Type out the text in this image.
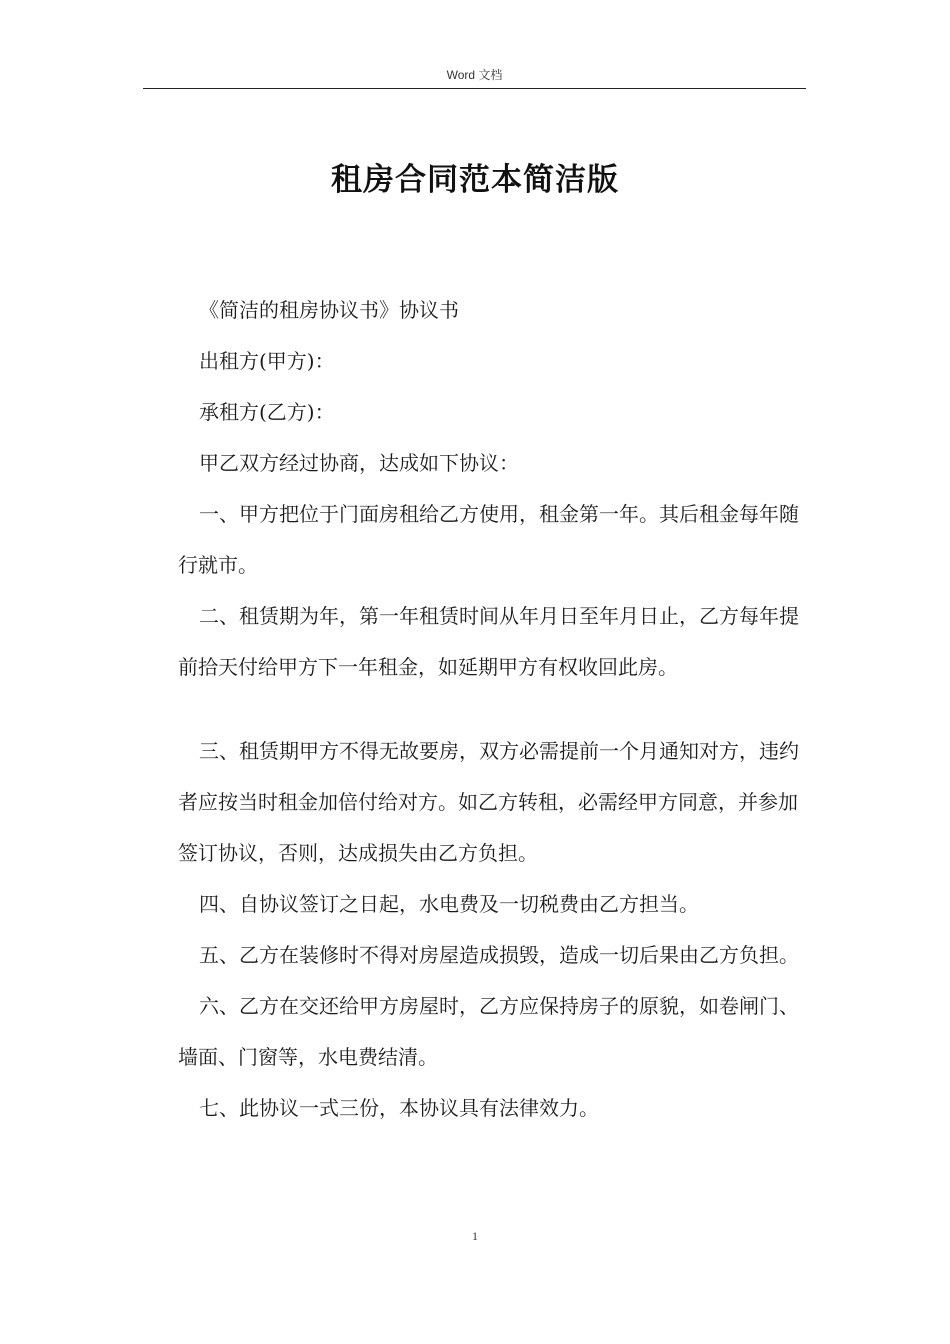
Word 文档
租房合同范本简洁版

《简洁的租房协议书》协议书

出租方(甲方)：

承租方(乙方)：

甲乙双方经过协商，达成如下协议：

一、甲方把位于门面房租给乙方使用，租金第一年。其后租金每年随行就市。

二、租赁期为年，第一年租赁时间从年月日至年月日止，乙方每年提前拾天付给甲方下一年租金，如延期甲方有权收回此房。

三、租赁期甲方不得无故要房，双方必需提前一个月通知对方，违约者应按当时租金加倍付给对方。如乙方转租，必需经甲方同意，并参加签订协议，否则，达成损失由乙方负担。

四、自协议签订之日起，水电费及一切税费由乙方担当。

五、乙方在装修时不得对房屋造成损毁，造成一切后果由乙方负担。

六、乙方在交还给甲方房屋时，乙方应保持房子的原貌，如卷闸门、墙面、门窗等，水电费结清。

七、此协议一式三份，本协议具有法律效力。

1
